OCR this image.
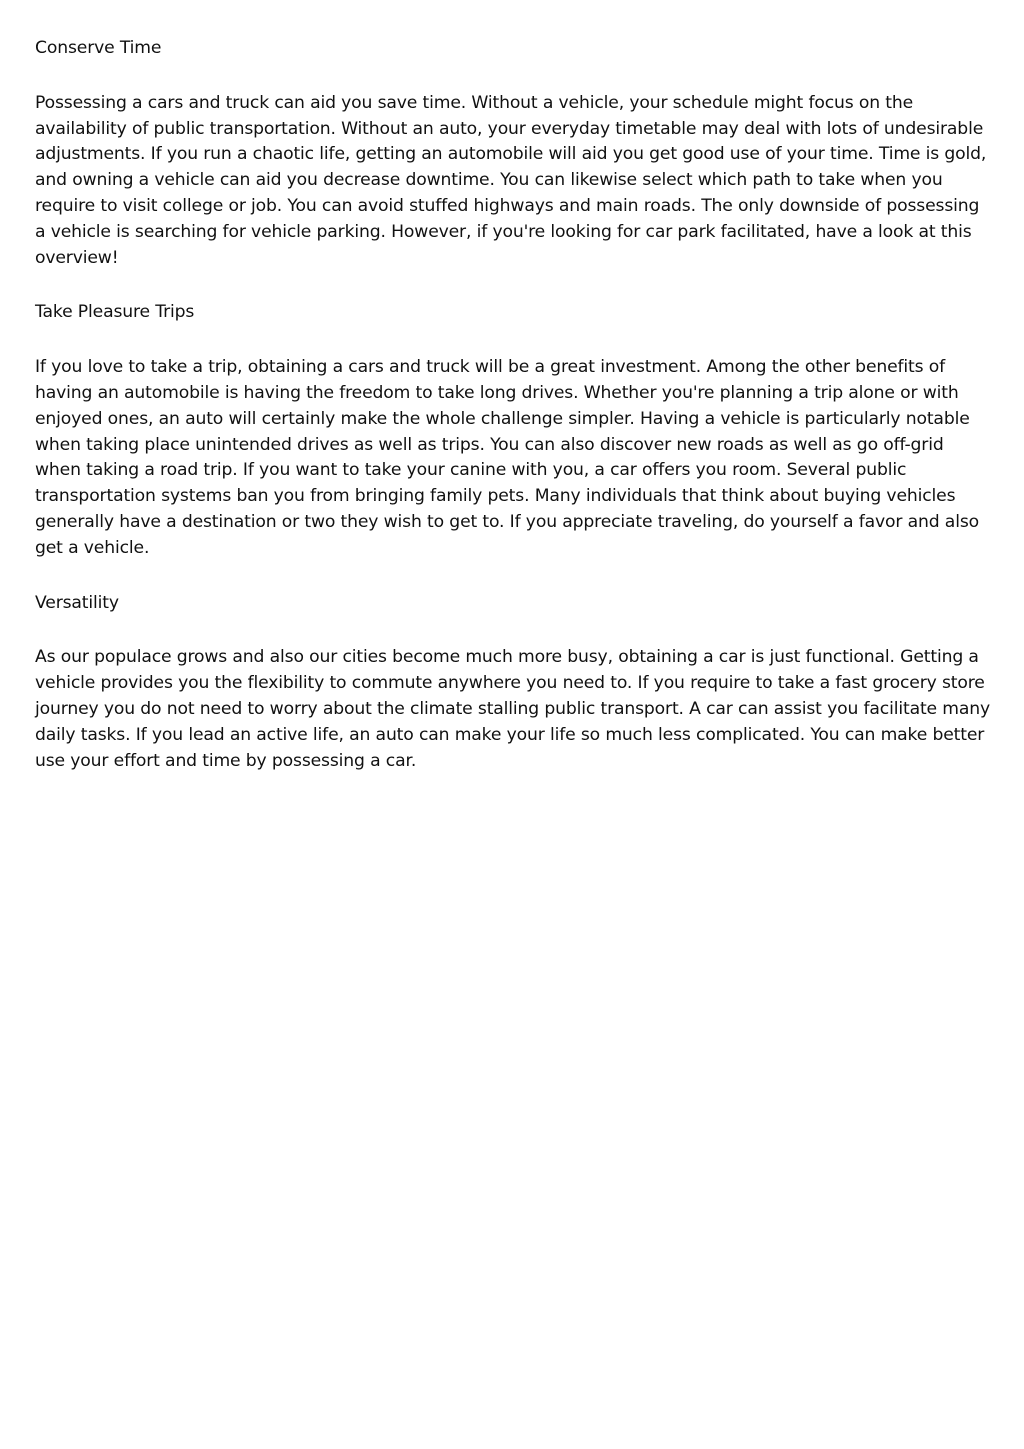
Conserve Time

Possessing a cars and truck can aid you save time. Without a vehicle, your schedule might focus on the availability of public transportation. Without an auto, your everyday timetable may deal with lots of undesirable adjustments. If you run a chaotic life, getting an automobile will aid you get good use of your time. Time is gold, and owning a vehicle can aid you decrease downtime. You can likewise select which path to take when you require to visit college or job. You can avoid stuffed highways and main roads. The only downside of possessing a vehicle is searching for vehicle parking. However, if you're looking for car park facilitated, have a look at this overview!

Take Pleasure Trips

If you love to take a trip, obtaining a cars and truck will be a great investment. Among the other benefits of having an automobile is having the freedom to take long drives. Whether you're planning a trip alone or with enjoyed ones, an auto will certainly make the whole challenge simpler. Having a vehicle is particularly notable when taking place unintended drives as well as trips. You can also discover new roads as well as go off-grid when taking a road trip. If you want to take your canine with you, a car offers you room. Several public transportation systems ban you from bringing family pets. Many individuals that think about buying vehicles generally have a destination or two they wish to get to. If you appreciate traveling, do yourself a favor and also get a vehicle.

Versatility

As our populace grows and also our cities become much more busy, obtaining a car is just functional. Getting a vehicle provides you the flexibility to commute anywhere you need to. If you require to take a fast grocery store journey you do not need to worry about the climate stalling public transport. A car can assist you facilitate many daily tasks. If you lead an active life, an auto can make your life so much less complicated. You can make better use your effort and time by possessing a car.
